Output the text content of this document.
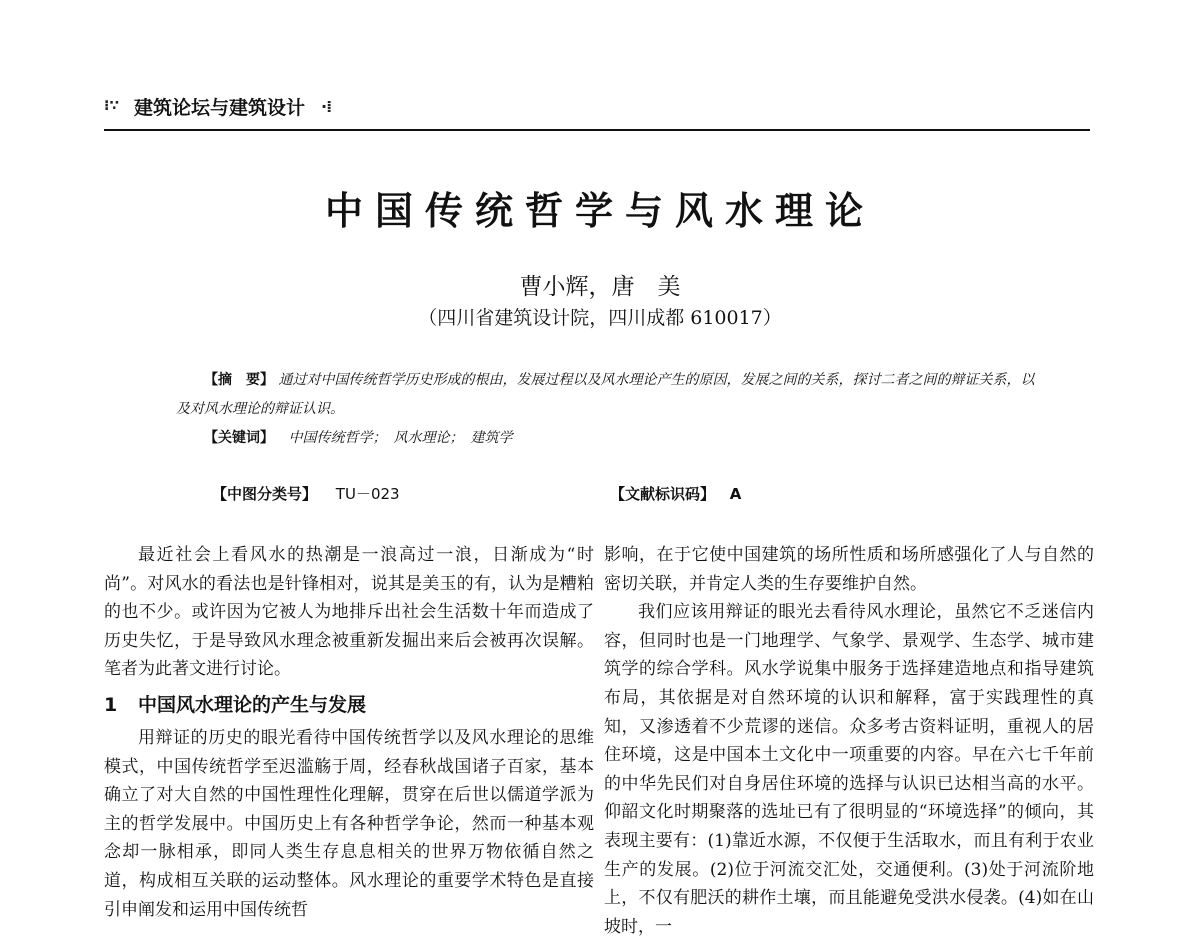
⁝∵ 建筑论坛与建筑设计 ·⁞
中国传统哲学与风水理论
曹小辉，唐　美
（四川省建筑设计院，四川成都 610017）
【摘　要】 通过对中国传统哲学历史形成的根由，发展过程以及风水理论产生的原因，发展之间的关系，探讨二者之间的辩证关系，以及对风水理论的辩证认识。
【关键词】 中国传统哲学；　风水理论；　建筑学
【中图分类号】 TU－023	【文献标识码】 A

最近社会上看风水的热潮是一浪高过一浪，日渐成为“时尚”。对风水的看法也是针锋相对，说其是美玉的有，认为是糟粕的也不少。或许因为它被人为地排斥出社会生活数十年而造成了历史失忆，于是导致风水理念被重新发掘出来后会被再次误解。笔者为此著文进行讨论。

1 中国风水理论的产生与发展

用辩证的历史的眼光看待中国传统哲学以及风水理论的思维模式，中国传统哲学至迟滥觞于周，经春秋战国诸子百家，基本确立了对大自然的中国性理性化理解，贯穿在后世以儒道学派为主的哲学发展中。中国历史上有各种哲学争论，然而一种基本观念却一脉相承，即同人类生存息息相关的世界万物依循自然之道，构成相互关联的运动整体。风水理论的重要学术特色是直接引申阐发和运用中国传统哲

影响，在于它使中国建筑的场所性质和场所感强化了人与自然的密切关联，并肯定人类的生存要维护自然。

我们应该用辩证的眼光去看待风水理论，虽然它不乏迷信内容，但同时也是一门地理学、气象学、景观学、生态学、城市建筑学的综合学科。风水学说集中服务于选择建造地点和指导建筑布局，其依据是对自然环境的认识和解释，富于实践理性的真知，又渗透着不少荒谬的迷信。众多考古资料证明，重视人的居住环境，这是中国本土文化中一项重要的内容。早在六七千年前的中华先民们对自身居住环境的选择与认识已达相当高的水平。仰韶文化时期聚落的选址已有了很明显的“环境选择”的倾向，其表现主要有：(1)靠近水源，不仅便于生活取水，而且有利于农业生产的发展。(2)位于河流交汇处，交通便利。(3)处于河流阶地上，不仅有肥沃的耕作土壤，而且能避免受洪水侵袭。(4)如在山坡时，一
